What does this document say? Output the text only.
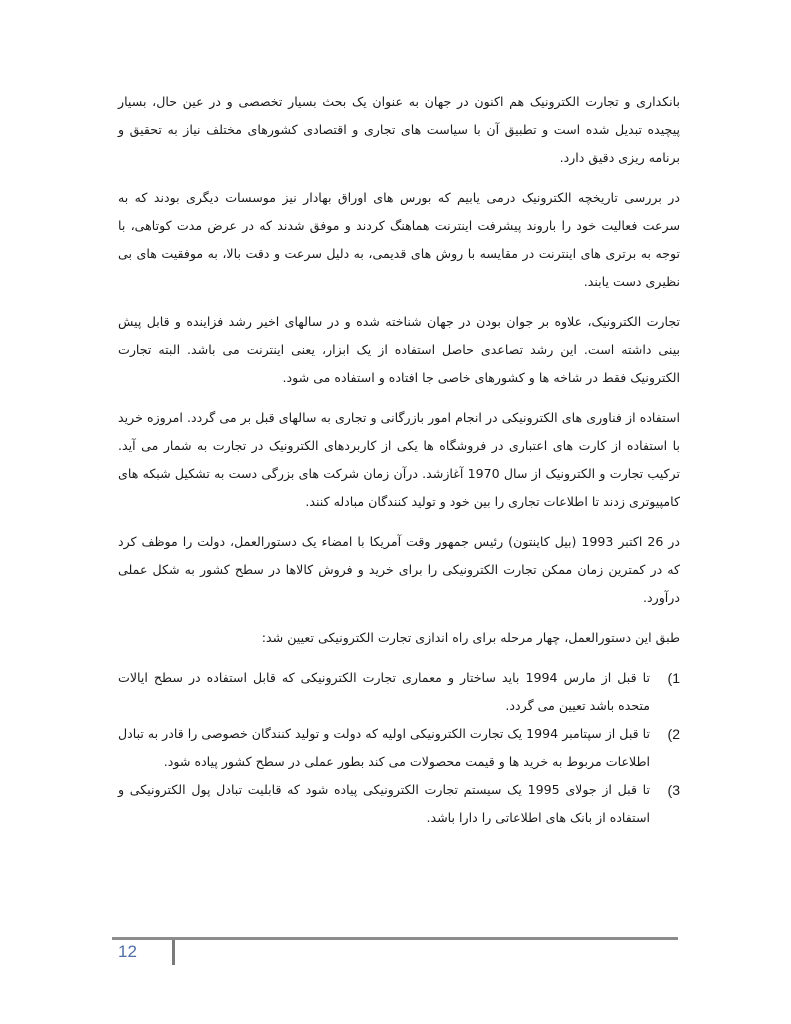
بانکداری و تجارت الکترونیک هم اکنون در جهان به عنوان یک بحث بسیار تخصصی و در عین حال، بسیار پیچیده تبدیل شده است و تطبیق آن با سیاست های تجاری و اقتصادی کشورهای مختلف نیاز به تحقیق و برنامه ریزی دقیق دارد.

در بررسی تاریخچه الکترونیک درمی یابیم که بورس های اوراق بهادار نیز موسسات دیگری بودند که به سرعت فعالیت خود را باروند پیشرفت اینترنت هماهنگ کردند و موفق شدند که در عرض مدت کوتاهی، با توجه به برتری های اینترنت در مقایسه با روش های قدیمی، به دلیل سرعت و دقت بالا، به موفقیت های بی نظیری دست یابند.

تجارت الکترونیک، علاوه بر جوان بودن در جهان شناخته شده و در سالهای اخیر رشد فزاینده و قابل پیش بینی داشته است. این رشد تصاعدی حاصل استفاده از یک ابزار، یعنی اینترنت می باشد. البته تجارت الکترونیک فقط در شاخه ها و کشورهای خاصی جا افتاده و استفاده می شود.

استفاده از فناوری های الکترونیکی در انجام امور بازرگانی و تجاری به سالهای قبل بر می گردد. امروزه خرید با استفاده از کارت های اعتباری در فروشگاه ها یکی از کاربردهای الکترونیک در تجارت به شمار می آید. ترکیب تجارت و الکترونیک از سال 1970 آغازشد. درآن زمان شرکت های بزرگی دست به تشکیل شبکه های کامپیوتری زدند تا اطلاعات تجاری را بین خود و تولید کنندگان مبادله کنند.

در 26 اکتبر 1993 (بیل کاینتون) رئیس جمهور وقت آمریکا با امضاء یک دستورالعمل، دولت را موظف کرد که در کمترین زمان ممکن تجارت الکترونیکی را برای خرید و فروش کالاها در سطح کشور به شکل عملی درآورد.

طبق این دستورالعمل، چهار مرحله برای راه اندازی تجارت الکترونیکی تعیین شد:

1)
تا قبل از مارس 1994 باید ساختار و معماری تجارت الکترونیکی که قابل استفاده در سطح ایالات متحده باشد تعیین می گردد.
2)
تا قبل از سپتامبر 1994 یک تجارت الکترونیکی اولیه که دولت و تولید کنندگان خصوصی را قادر به تبادل اطلاعات مربوط به خرید ها و قیمت محصولات می کند بطور عملی در سطح کشور پیاده شود.
3)
تا قبل از جولای 1995 یک سیستم تجارت الکترونیکی پیاده شود که قابلیت تبادل پول الکترونیکی و استفاده از بانک های اطلاعاتی را دارا باشد.
12
